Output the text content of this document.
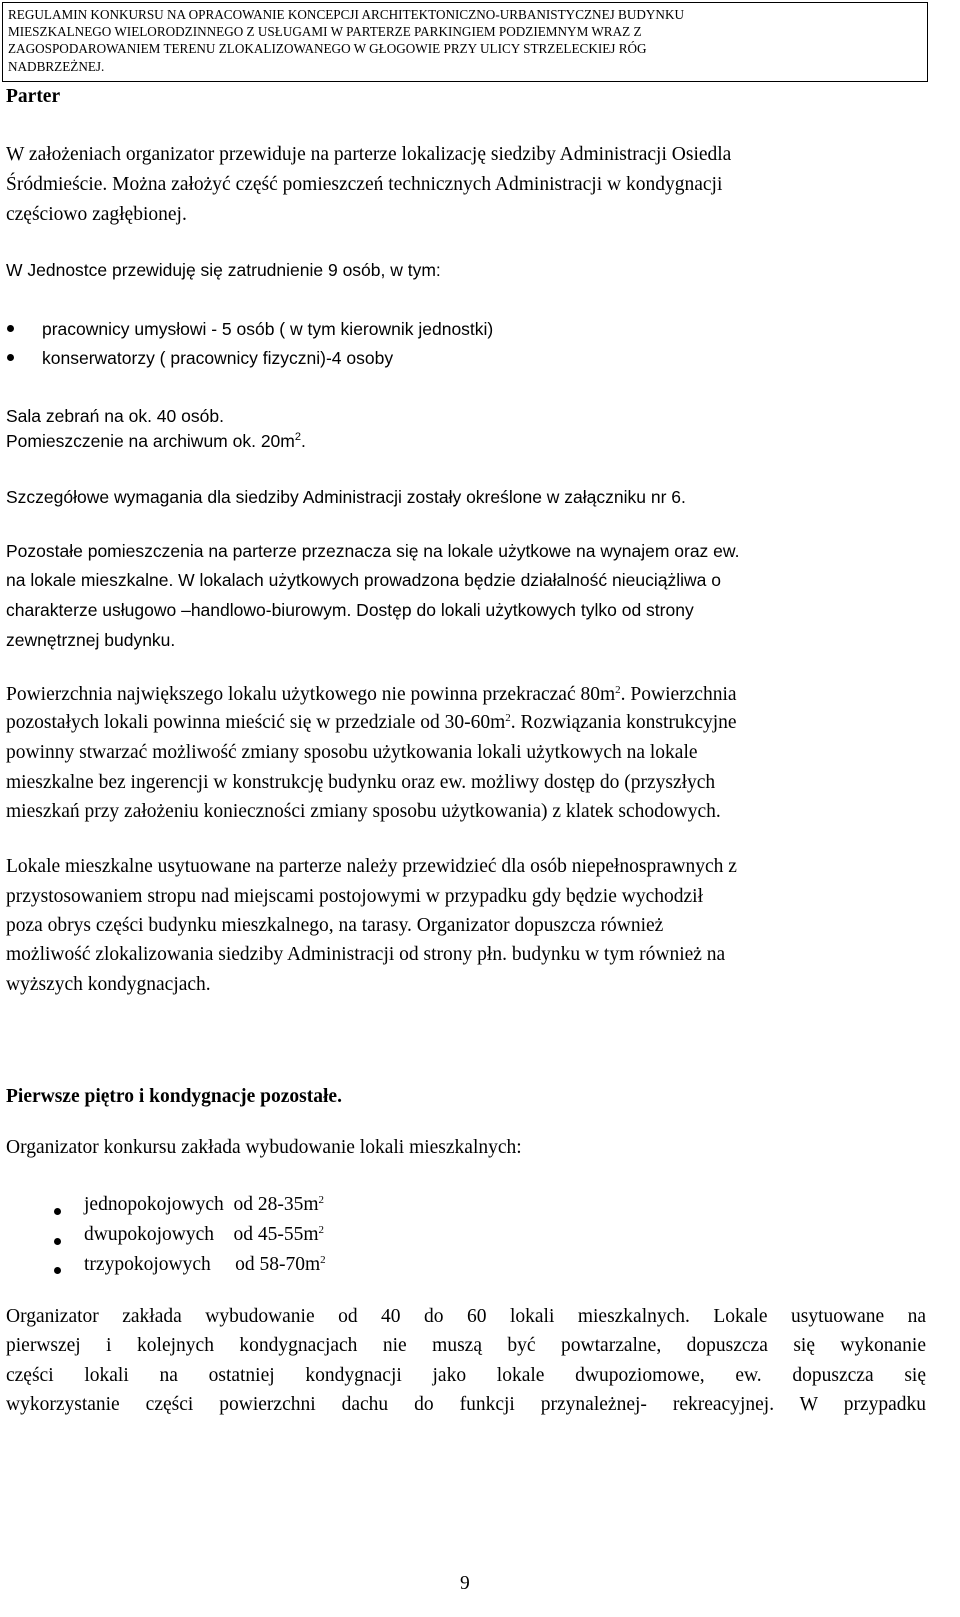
REGULAMIN KONKURSU NA OPRACOWANIE KONCEPCJI ARCHITEKTONICZNO-URBANISTYCZNEJ BUDYNKU
MIESZKALNEGO WIELORODZINNEGO Z USŁUGAMI W PARTERZE PARKINGIEM PODZIEMNYM WRAZ Z
ZAGOSPODAROWANIEM TERENU ZLOKALIZOWANEGO W GŁOGOWIE PRZY ULICY STRZELECKIEJ RÓG
NADBRZEŻNEJ.
Parter
W założeniach organizator przewiduje na parterze lokalizację siedziby Administracji Osiedla
Śródmieście. Można założyć część pomieszczeń technicznych Administracji w kondygnacji
częściowo zagłębionej.
W Jednostce przewiduję się zatrudnienie 9 osób, w tym:
pracownicy umysłowi - 5 osób ( w tym kierownik jednostki)
konserwatorzy ( pracownicy fizyczni)-4 osoby
Sala zebrań na ok. 40 osób.
Pomieszczenie na archiwum ok. $20m^2$.
Szczegółowe wymagania dla siedziby Administracji zostały określone w załączniku nr 6.
Pozostałe pomieszczenia na parterze przeznacza się na lokale użytkowe na wynajem oraz ew.
na lokale mieszkalne. W lokalach użytkowych prowadzona będzie działalność nieuciążliwa o
charakterze usługowo –handlowo-biurowym. Dostęp do lokali użytkowych tylko od strony
zewnętrznej budynku.
Powierzchnia największego lokalu użytkowego nie powinna przekraczać $80m^2$. Powierzchnia
pozostałych lokali powinna mieścić się w przedziale od $30-60m^2$. Rozwiązania konstrukcyjne
powinny stwarzać możliwość zmiany sposobu użytkowania lokali użytkowych na lokale
mieszkalne bez ingerencji w konstrukcję budynku oraz ew. możliwy dostęp do (przyszłych
mieszkań przy założeniu konieczności zmiany sposobu użytkowania) z klatek schodowych.
Lokale mieszkalne usytuowane na parterze należy przewidzieć dla osób niepełnosprawnych z
przystosowaniem stropu nad miejscami postojowymi w przypadku gdy będzie wychodził
poza obrys części budynku mieszkalnego, na tarasy. Organizator dopuszcza również
możliwość zlokalizowania siedziby Administracji od strony płn. budynku w tym również na
wyższych kondygnacjach.
Pierwsze piętro i kondygnacje pozostałe.
Organizator konkursu zakłada wybudowanie lokali mieszkalnych:
jednopokojowych od $28-35m^2$
dwupokojowych od $45-55m^2$
trzypokojowych     od $58-70m^2$
Organizator zakłada wybudowanie od 40 do 60 lokali mieszkalnych. Lokale usytuowane na
pierwszej i kolejnych kondygnacjach nie muszą być powtarzalne, dopuszcza się wykonanie
części lokali na ostatniej kondygnacji jako lokale dwupoziomowe, ew. dopuszcza się
wykorzystanie części powierzchni dachu do funkcji przynależnej- rekreacyjnej. W przypadku
9
